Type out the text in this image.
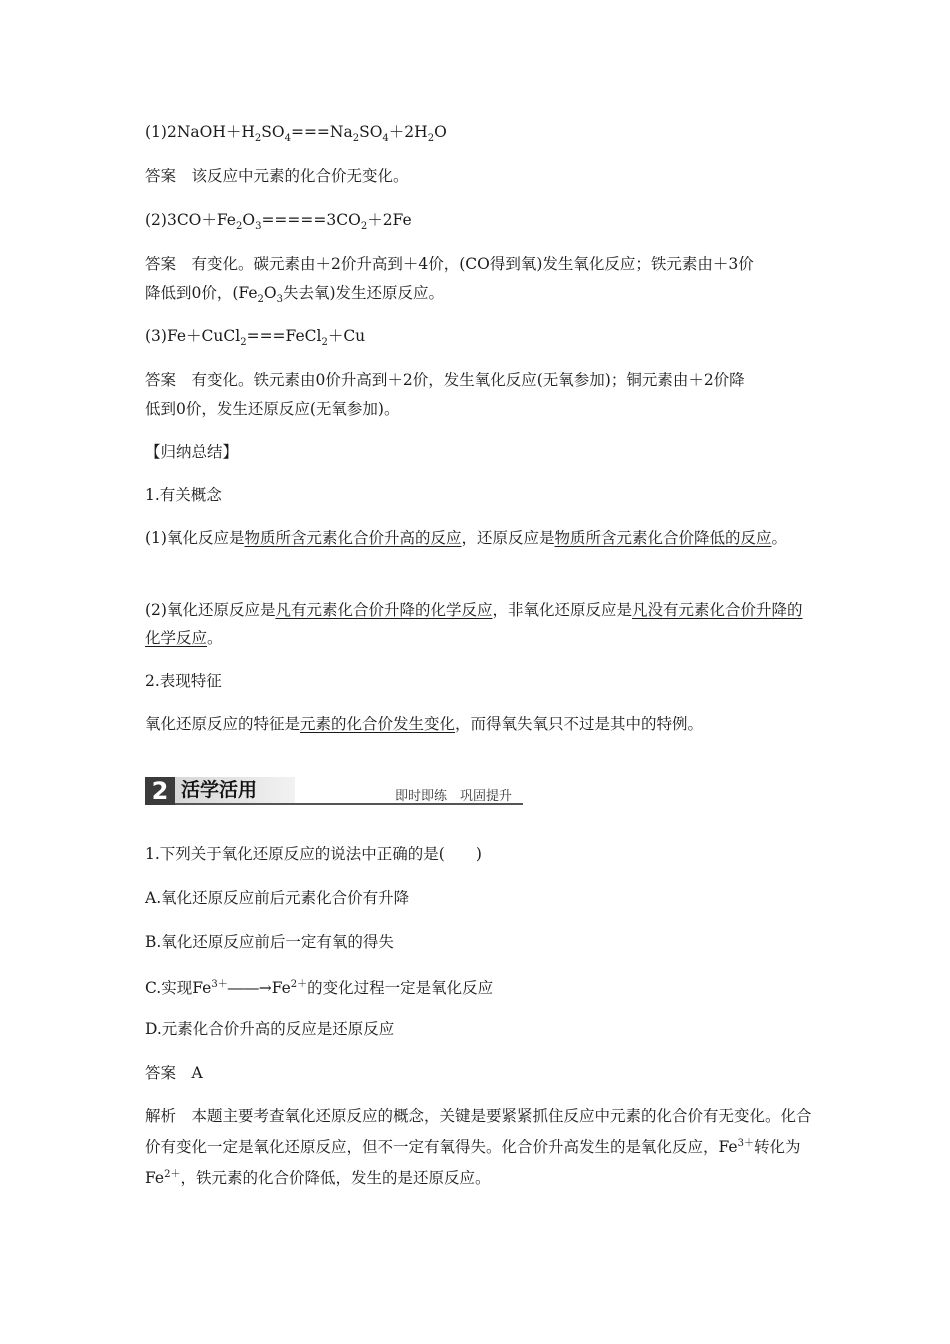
$(1)2NaOH+H_2SO_4===Na_2SO_4+2H_2O$
答案　该反应中元素的化合价无变化。
$(2)3CO+Fe_2O_3=====3CO_2+2Fe$
答案　有变化。碳元素由＋2价升高到＋4价，(CO得到氧)发生氧化反应；铁元素由＋3价
降低到0价，($Fe_2O_3$失去氧)发生还原反应。
(3)Fe＋CuCl$_2$===FeCl$_2$＋Cu
答案　有变化。铁元素由0价升高到＋2价，发生氧化反应(无氧参加)；铜元素由＋2价降
低到0价，发生还原反应(无氧参加)。
【归纳总结】
1.有关概念
(1)氧化反应是物质所含元素化合价升高的反应，还原反应是物质所含元素化合价降低的反应。
(2)氧化还原反应是凡有元素化合价升降的化学反应，非氧化还原反应是凡没有元素化合价升降的化学反应。
2.表现特征
氧化还原反应的特征是元素的化合价发生变化，而得氧失氧只不过是其中的特例。
2 活学活用	即时即练　巩固提升
1.下列关于氧化还原反应的说法中正确的是(　　)
A.氧化还原反应前后元素化合价有升降
B.氧化还原反应前后一定有氧的得失
C.实现$Fe^{3+}――\to Fe^{2+}$的变化过程一定是氧化反应
D.元素化合价升高的反应是还原反应
答案　A
解析　本题主要考查氧化还原反应的概念，关键是要紧紧抓住反应中元素的化合价有无变化。化合价有变化一定是氧化还原反应，但不一定有氧得失。化合价升高发生的是氧化反应，$Fe^{3+}$转化为$Fe^{2+}$，铁元素的化合价降低，发生的是还原反应。
